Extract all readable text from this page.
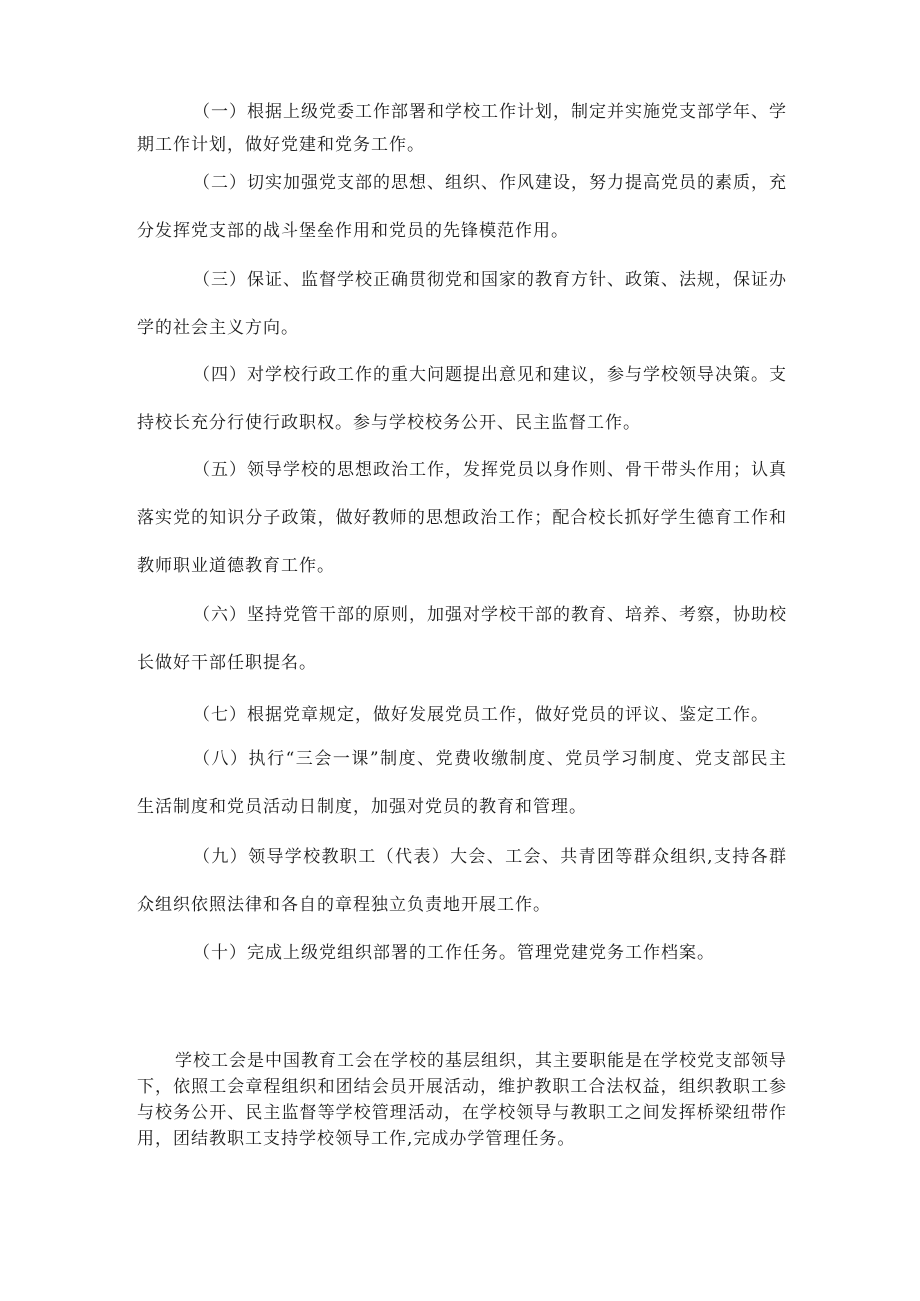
（一）根据上级党委工作部署和学校工作计划，制定并实施党支部学年、学期工作计划，做好党建和党务工作。

（二）切实加强党支部的思想、组织、作风建设，努力提高党员的素质，充分发挥党支部的战斗堡垒作用和党员的先锋模范作用。

（三）保证、监督学校正确贯彻党和国家的教育方针、政策、法规，保证办学的社会主义方向。

（四）对学校行政工作的重大问题提出意见和建议，参与学校领导决策。支持校长充分行使行政职权。参与学校校务公开、民主监督工作。

（五）领导学校的思想政治工作，发挥党员以身作则、骨干带头作用；认真落实党的知识分子政策，做好教师的思想政治工作；配合校长抓好学生德育工作和教师职业道德教育工作。

（六）坚持党管干部的原则，加强对学校干部的教育、培养、考察，协助校长做好干部任职提名。

（七）根据党章规定，做好发展党员工作，做好党员的评议、鉴定工作。

（八）执行“三会一课”制度、党费收缴制度、党员学习制度、党支部民主生活制度和党员活动日制度，加强对党员的教育和管理。

（九）领导学校教职工（代表）大会、工会、共青团等群众组织,支持各群众组织依照法律和各自的章程独立负责地开展工作。

（十）完成上级党组织部署的工作任务。管理党建党务工作档案。

学校工会是中国教育工会在学校的基层组织，其主要职能是在学校党支部领导下，依照工会章程组织和团结会员开展活动，维护教职工合法权益，组织教职工参与校务公开、民主监督等学校管理活动，在学校领导与教职工之间发挥桥梁纽带作用，团结教职工支持学校领导工作,完成办学管理任务。
